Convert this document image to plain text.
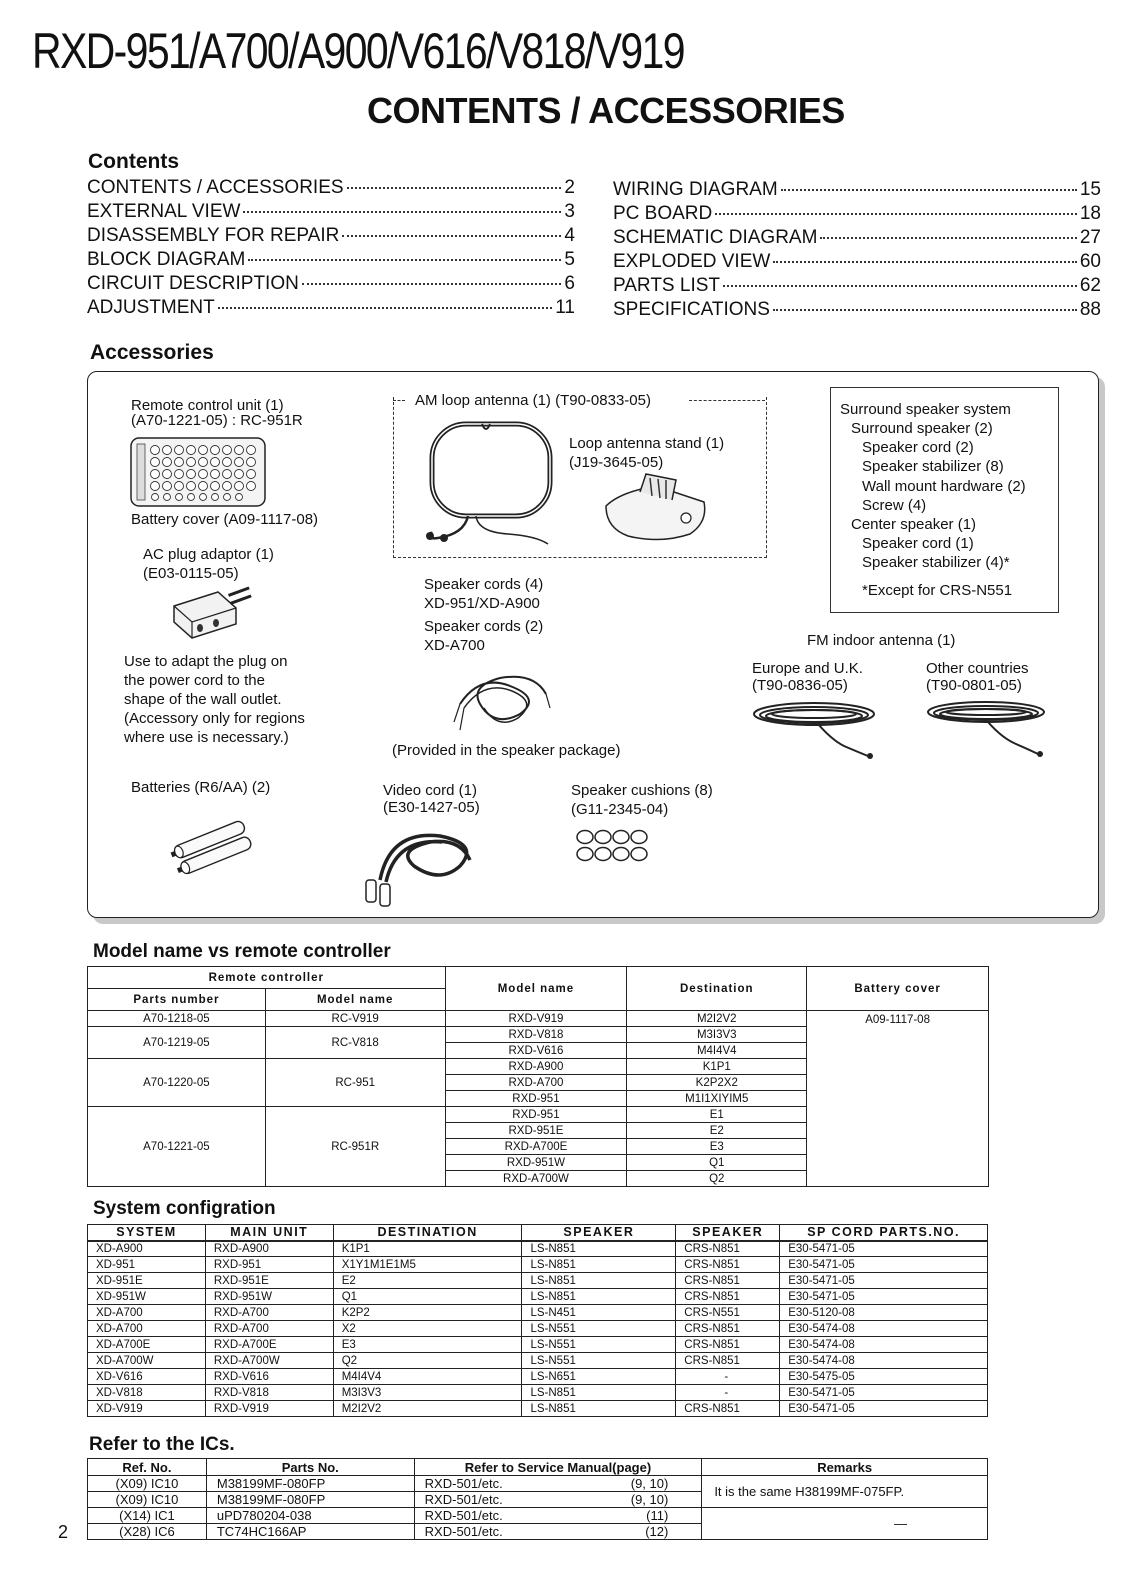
RXD-951/A700/A900/V616/V818/V919
CONTENTS / ACCESSORIES
Contents
CONTENTS / ACCESSORIES	2
EXTERNAL VIEW	3
DISASSEMBLY FOR REPAIR	4
BLOCK DIAGRAM	5
CIRCUIT DESCRIPTION	6
ADJUSTMENT	11
WIRING DIAGRAM	15
PC BOARD	18
SCHEMATIC DIAGRAM	27
EXPLODED VIEW	60
PARTS LIST	62
SPECIFICATIONS	88
Accessories
Remote control unit (1)
(A70-1221-05) : RC-951R
Battery cover (A09-1117-08)
AC plug adaptor (1)
(E03-0115-05)
Use to adapt the plug on
the power cord to the
shape of the wall outlet.
(Accessory only for regions
where use is necessary.)
Batteries (R6/AA) (2)
AM loop antenna (1) (T90-0833-05)
Loop antenna stand (1)
(J19-3645-05)
Speaker cords (4)
XD-951/XD-A900
Speaker cords (2)
XD-A700
(Provided in the speaker package)
Video cord (1)
(E30-1427-05)
Speaker cushions (8)
(G11-2345-04)
Surround speaker system
Surround speaker (2)
Speaker cord (2)
Speaker stabilizer (8)
Wall mount hardware (2)
Screw (4)
Center speaker (1)
Speaker cord (1)
Speaker stabilizer (4)*
*Except for CRS-N551
FM indoor antenna (1)
Europe and U.K.
(T90-0836-05)
Other countries
(T90-0801-05)
Model name vs remote controller
Remote controller		Model name	Destination	Battery cover
Parts number	Model name			
A70-1218-05	RC-V919	RXD-V919	M2I2V2	A09-1117-08
A70-1219-05	RC-V818	RXD-V818	M3I3V3	
		RXD-V616	M4I4V4	
A70-1220-05	RC-951	RXD-A900	K1P1	
		RXD-A700	K2P2X2	
		RXD-951	M1I1XIYIM5	
A70-1221-05	RC-951R	RXD-951	E1	
		RXD-951E	E2	
		RXD-A700E	E3	
		RXD-951W	Q1	
		RXD-A700W	Q2	
System configration
SYSTEM	MAIN UNIT	DESTINATION	SPEAKER	SPEAKER	SP CORD PARTS.NO.
XD-A900	RXD-A900	K1P1	LS-N851	CRS-N851	E30-5471-05
XD-951	RXD-951	X1Y1M1E1M5	LS-N851	CRS-N851	E30-5471-05
XD-951E	RXD-951E	E2	LS-N851	CRS-N851	E30-5471-05
XD-951W	RXD-951W	Q1	LS-N851	CRS-N851	E30-5471-05
XD-A700	RXD-A700	K2P2	LS-N451	CRS-N551	E30-5120-08
XD-A700	RXD-A700	X2	LS-N551	CRS-N851	E30-5474-08
XD-A700E	RXD-A700E	E3	LS-N551	CRS-N851	E30-5474-08
XD-A700W	RXD-A700W	Q2	LS-N551	CRS-N851	E30-5474-08
XD-V616	RXD-V616	M4I4V4	LS-N651	-	E30-5475-05
XD-V818	RXD-V818	M3I3V3	LS-N851	-	E30-5471-05
XD-V919	RXD-V919	M2I2V2	LS-N851	CRS-N851	E30-5471-05
Refer to the ICs.
Ref. No.	Parts No.	Refer to Service Manual(page)	Remarks
(X09) IC10	M38199MF-080FP	RXD-501/etc. (9, 10)	It is the same H38199MF-075FP.
(X09) IC10	M38199MF-080FP	RXD-501/etc. (9, 10)	

(X14) IC1	uPD780204-038	RXD-501/etc. (11)	—
(X28) IC6	TC74HC166AP	RXD-501/etc. (12)	
2
